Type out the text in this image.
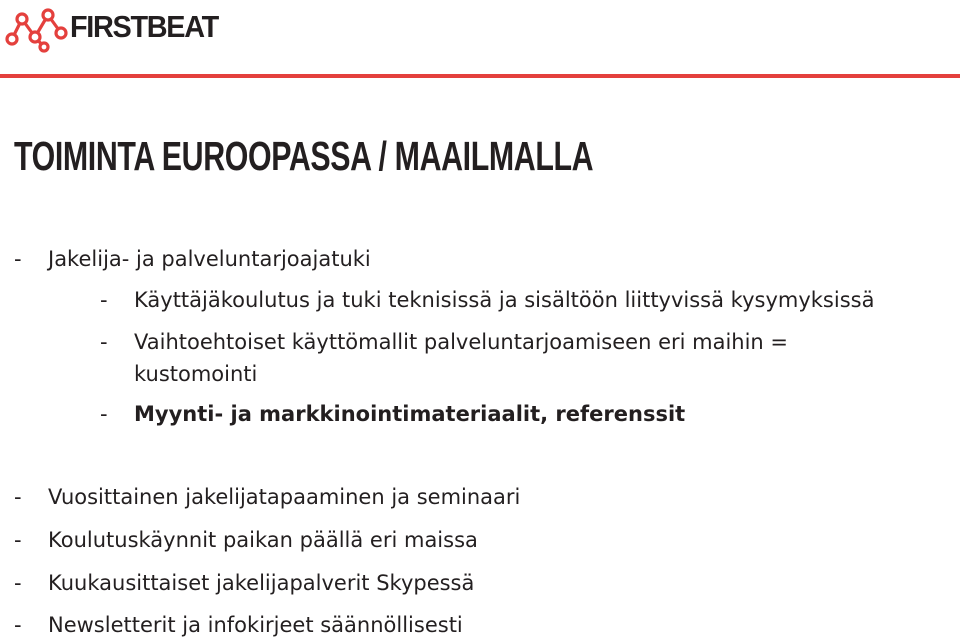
FIRSTBEAT
TOIMINTA EUROOPASSA / MAAILMALLA
- Jakelija- ja palveluntarjoajatuki
- Käyttäjäkoulutus ja tuki teknisissä ja sisältöön liittyvissä kysymyksissä
- Vaihtoehtoiset käyttömallit palveluntarjoamiseen eri maihin =
kustomointi
- Myynti- ja markkinointimateriaalit, referenssit
- Vuosittainen jakelijatapaaminen ja seminaari
- Koulutuskäynnit paikan päällä eri maissa
- Kuukausittaiset jakelijapalverit Skypessä
- Newsletterit ja infokirjeet säännöllisesti
